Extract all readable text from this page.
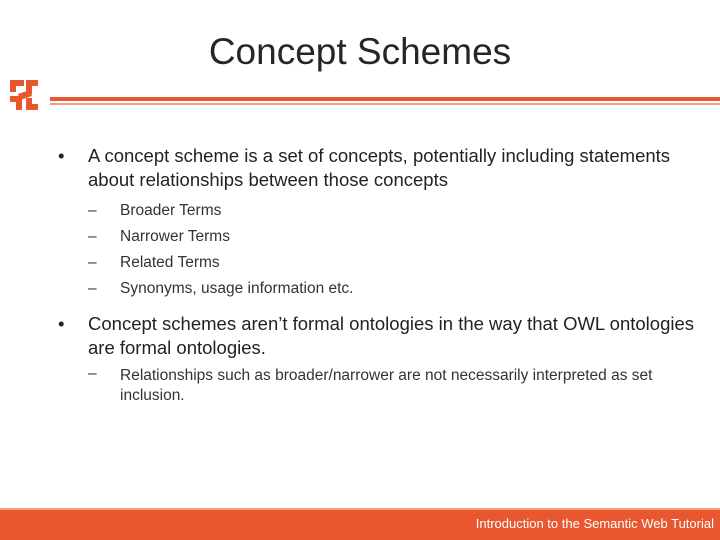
Concept Schemes
• A concept scheme is a set of concepts, potentially including statements about relationships between those concepts
– Broader Terms
– Narrower Terms
– Related Terms
– Synonyms, usage information etc.
• Concept schemes aren’t formal ontologies in the way that OWL ontologies are formal ontologies.
– Relationships such as broader/narrower are not necessarily interpreted as set inclusion.
Introduction to the Semantic Web Tutorial
